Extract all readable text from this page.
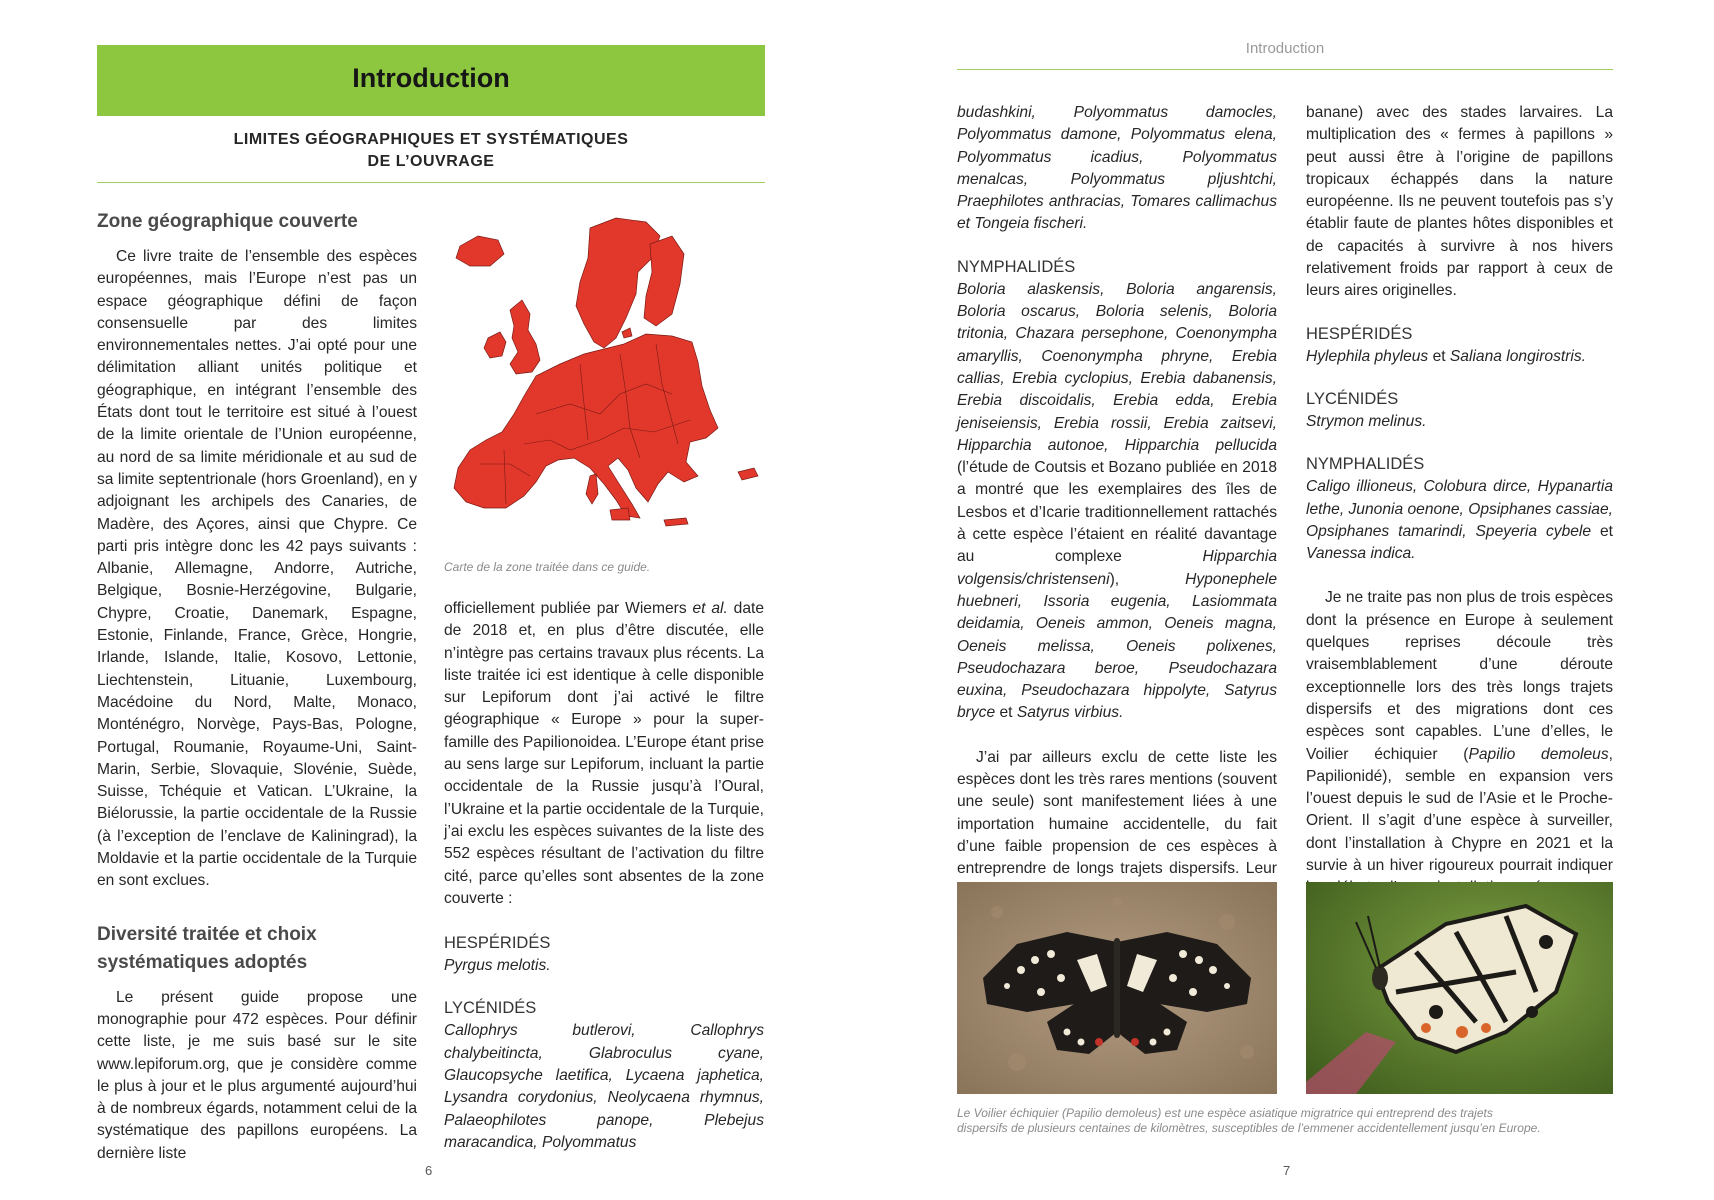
Introduction
LIMITES GÉOGRAPHIQUES ET SYSTÉMATIQUES
DE L’OUVRAGE
Zone géographique couverte

Ce livre traite de l’ensemble des espèces européennes, mais l’Europe n’est pas un espace géographique défini de façon consensuelle par des limites environnementales nettes. J’ai opté pour une délimitation alliant unités politique et géographique, en intégrant l’ensemble des États dont tout le territoire est situé à l’ouest de la limite orientale de l’Union européenne, au nord de sa limite méridionale et au sud de sa limite septentrionale (hors Groenland), en y adjoignant les archipels des Canaries, de Madère, des Açores, ainsi que Chypre. Ce parti pris intègre donc les 42 pays suivants : Albanie, Allemagne, Andorre, Autriche, Belgique, Bosnie-Herzégovine, Bulgarie, Chypre, Croatie, Danemark, Espagne, Estonie, Finlande, France, Grèce, Hongrie, Irlande, Islande, Italie, Kosovo, Lettonie, Liechtenstein, Lituanie, Luxembourg, Macédoine du Nord, Malte, Monaco, Monténégro, Norvège, Pays-Bas, Pologne, Portugal, Roumanie, Royaume-Uni, Saint-Marin, Serbie, Slovaquie, Slovénie, Suède, Suisse, Tchéquie et Vatican. L’Ukraine, la Biélorussie, la partie occidentale de la Russie (à l’exception de l’enclave de Kaliningrad), la Moldavie et la partie occidentale de la Turquie en sont exclues.

Diversité traitée et choix
systématiques adoptés

Le présent guide propose une monographie pour 472 espèces. Pour définir cette liste, je me suis basé sur le site www.lepiforum.org, que je considère comme le plus à jour et le plus argumenté aujourd’hui à de nombreux égards, notamment celui de la systématique des papillons européens. La dernière liste

Carte de la zone traitée dans ce guide.

officiellement publiée par Wiemers et al. date de 2018 et, en plus d’être discutée, elle n’intègre pas certains travaux plus récents. La liste traitée ici est identique à celle disponible sur Lepiforum dont j’ai activé le filtre géographique « Europe » pour la super-famille des Papilionoidea. L’Europe étant prise au sens large sur Lepiforum, incluant la partie occidentale de la Russie jusqu’à l’Oural, l’Ukraine et la partie occidentale de la Turquie, j’ai exclu les espèces suivantes de la liste des 552 espèces résultant de l’activation du filtre cité, parce qu’elles sont absentes de la zone couverte :

HESPÉRIDÉS

Pyrgus melotis.

LYCÉNIDÉS

Callophrys butlerovi, Callophrys chalybeitincta, Glabroculus cyane, Glaucopsyche laetifica, Lycaena japhetica, Lysandra corydonius, Neolycaena rhymnus, Palaeophilotes panope, Plebejus maracandica, Polyommatus

6
Introduction

budashkini, Polyommatus damocles, Polyommatus damone, Polyommatus elena, Polyommatus icadius, Polyommatus menalcas, Polyommatus pljushtchi, Praephilotes anthracias, Tomares callimachus et Tongeia fischeri.

NYMPHALIDÉS

Boloria alaskensis, Boloria angarensis, Boloria oscarus, Boloria selenis, Boloria tritonia, Chazara persephone, Coenonympha amaryllis, Coenonympha phryne, Erebia callias, Erebia cyclopius, Erebia dabanensis, Erebia discoidalis, Erebia edda, Erebia jeniseiensis, Erebia rossii, Erebia zaitsevi, Hipparchia autonoe, Hipparchia pellucida (l’étude de Coutsis et Bozano publiée en 2018 a montré que les exemplaires des îles de Lesbos et d’Icarie traditionnellement rattachés à cette espèce l’étaient en réalité davantage au complexe Hipparchia volgensis/christenseni), Hyponephele huebneri, Issoria eugenia, Lasiommata deidamia, Oeneis ammon, Oeneis magna, Oeneis melissa, Oeneis polixenes, Pseudochazara beroe, Pseudochazara euxina, Pseudochazara hippolyte, Satyrus bryce et Satyrus virbius.

J’ai par ailleurs exclu de cette liste les espèces dont les très rares mentions (souvent une seule) sont manifestement liées à une importation humaine accidentelle, du fait d’une faible propension de ces espèces à entreprendre de longs trajets dispersifs. Leur

banane) avec des stades larvaires. La multiplication des « fermes à papillons » peut aussi être à l’origine de papillons tropicaux échappés dans la nature européenne. Ils ne peuvent toutefois pas s’y établir faute de plantes hôtes disponibles et de capacités à survivre à nos hivers relativement froids par rapport à ceux de leurs aires originelles.

HESPÉRIDÉS

Hylephila phyleus et Saliana longirostris.

LYCÉNIDÉS

Strymon melinus.

NYMPHALIDÉS

Caligo illioneus, Colobura dirce, Hypanartia lethe, Junonia oenone, Opsiphanes cassiae, Opsiphanes tamarindi, Speyeria cybele et Vanessa indica.

Je ne traite pas non plus de trois espèces dont la présence en Europe à seulement quelques reprises découle très vraisemblablement d’une déroute exceptionnelle lors des très longs trajets dispersifs et des migrations dont ces espèces sont capables. L’une d’elles, le Voilier échiquier (Papilio demoleus, Papilionidé), semble en expansion vers l’ouest depuis le sud de l’Asie et le Proche-Orient. Il s’agit d’une espèce à surveiller, dont l’installation à Chypre en 2021 et la survie à un hiver rigoureux pourrait indiquer

Le Voilier échiquier (Papilio demoleus) est une espèce asiatique migratrice qui entreprend des trajets
dispersifs de plusieurs centaines de kilomètres, susceptibles de l’emmener accidentellement jusqu’en Europe.
7
